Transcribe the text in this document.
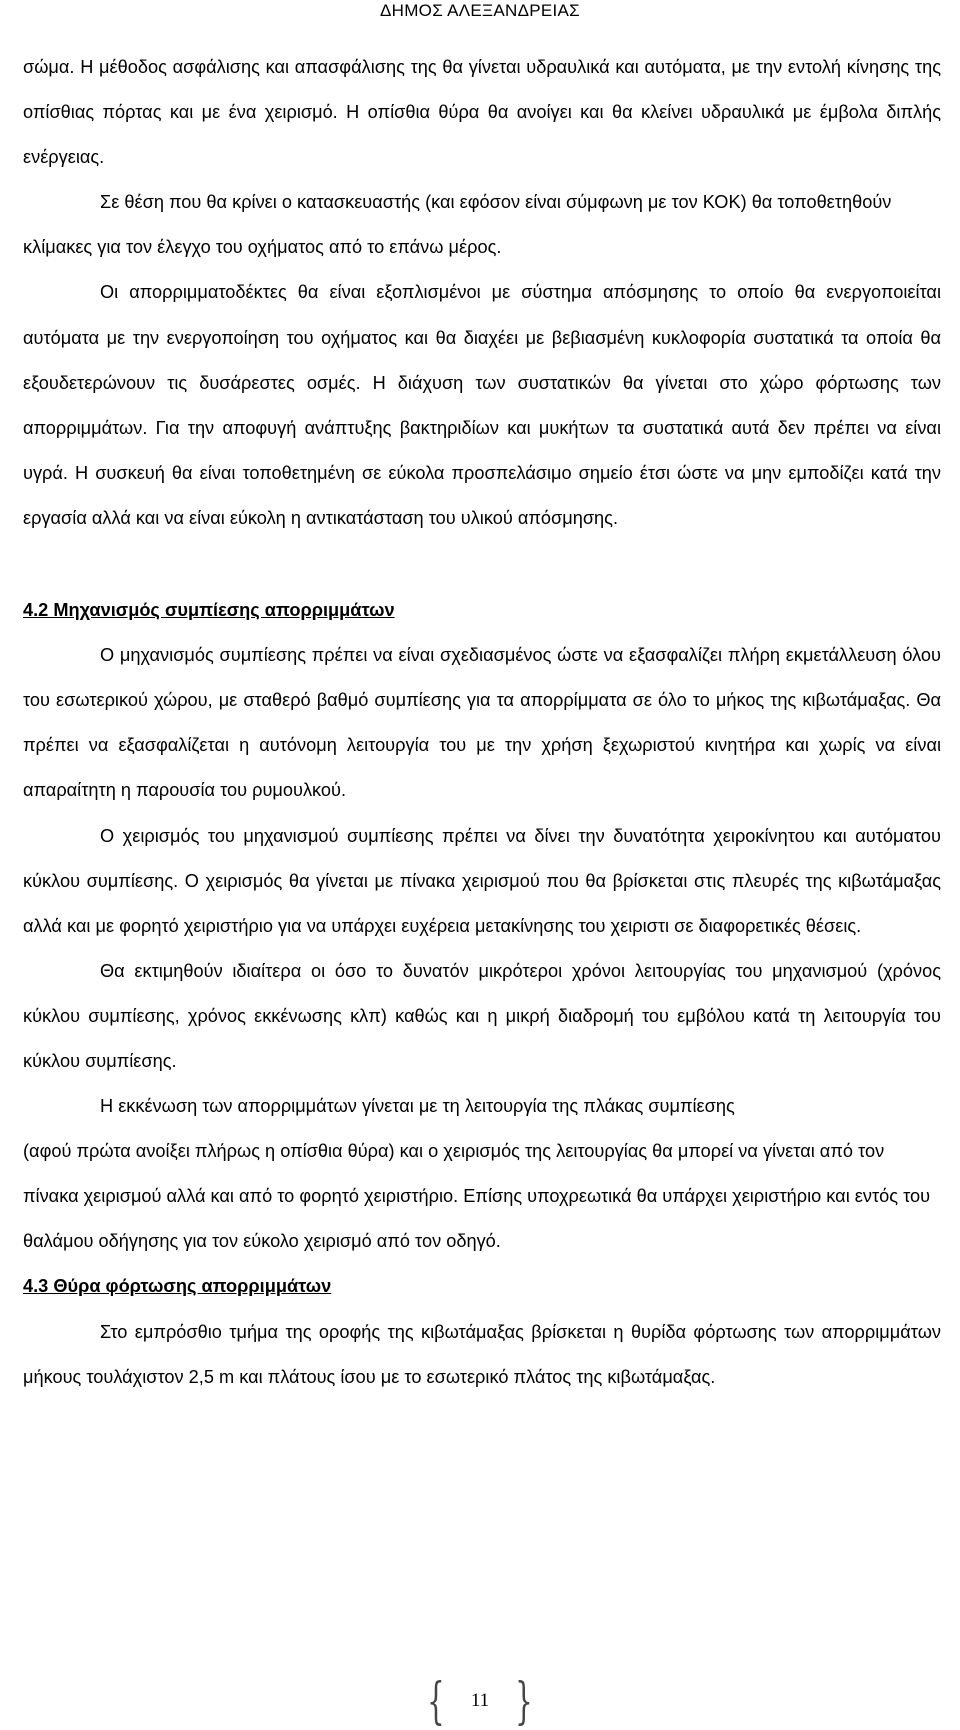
ΔΗΜΟΣ ΑΛΕΞΑΝΔΡΕΙΑΣ

σώμα. Η μέθοδος ασφάλισης και απασφάλισης της θα γίνεται υδραυλικά και αυτόματα, με την εντολή κίνησης της οπίσθιας πόρτας και με ένα χειρισμό. Η οπίσθια θύρα θα ανοίγει και θα κλείνει υδραυλικά με έμβολα διπλής ενέργειας.

Σε θέση που θα κρίνει ο κατασκευαστής (και εφόσον είναι σύμφωνη με τον ΚΟΚ) θα τοποθετηθούν κλίμακες για τον έλεγχο του οχήματος από το επάνω μέρος.

Οι απορριμματοδέκτες θα είναι εξοπλισμένοι με σύστημα απόσμησης το οποίο θα ενεργοποιείται αυτόματα με την ενεργοποίηση του οχήματος και θα διαχέει με βεβιασμένη κυκλοφορία συστατικά τα οποία θα εξουδετερώνουν τις δυσάρεστες οσμές. Η διάχυση των συστατικών θα γίνεται στο χώρο φόρτωσης των απορριμμάτων. Για την αποφυγή ανάπτυξης βακτηριδίων και μυκήτων τα συστατικά αυτά δεν πρέπει να είναι υγρά. Η συσκευή θα είναι τοποθετημένη σε εύκολα προσπελάσιμο σημείο έτσι ώστε να μην εμποδίζει κατά την εργασία αλλά και να είναι εύκολη η αντικατάσταση του υλικού απόσμησης.

4.2 Μηχανισμός συμπίεσης απορριμμάτων

Ο μηχανισμός συμπίεσης πρέπει να είναι σχεδιασμένος ώστε να εξασφαλίζει πλήρη εκμετάλλευση όλου του εσωτερικού χώρου, με σταθερό βαθμό συμπίεσης για τα απορρίμματα σε όλο το μήκος της κιβωτάμαξας. Θα πρέπει να εξασφαλίζεται η αυτόνομη λειτουργία του με την χρήση ξεχωριστού κινητήρα και χωρίς να είναι απαραίτητη η παρουσία του ρυμουλκού.

Ο χειρισμός του μηχανισμού συμπίεσης πρέπει να δίνει την δυνατότητα χειροκίνητου και αυτόματου κύκλου συμπίεσης. Ο χειρισμός θα γίνεται με πίνακα χειρισμού που θα βρίσκεται στις πλευρές της κιβωτάμαξας αλλά και με φορητό χειριστήριο για να υπάρχει ευχέρεια μετακίνησης του χειριστι σε διαφορετικές θέσεις.

Θα εκτιμηθούν ιδιαίτερα οι όσο το δυνατόν μικρότεροι χρόνοι λειτουργίας του μηχανισμού (χρόνος κύκλου συμπίεσης, χρόνος εκκένωσης κλπ) καθώς και η μικρή διαδρομή του εμβόλου κατά τη λειτουργία του κύκλου συμπίεσης.

Η εκκένωση των απορριμμάτων γίνεται με τη λειτουργία της πλάκας συμπίεσης

(αφού πρώτα ανοίξει πλήρως η οπίσθια θύρα) και ο χειρισμός της λειτουργίας θα μπορεί να γίνεται από τον πίνακα χειρισμού αλλά και από το φορητό χειριστήριο. Επίσης υποχρεωτικά θα υπάρχει χειριστήριο και εντός του θαλάμου οδήγησης για τον εύκολο χειρισμό από τον οδηγό.

4.3 Θύρα φόρτωσης απορριμμάτων

Στο εμπρόσθιο τμήμα της οροφής της κιβωτάμαξας βρίσκεται η θυρίδα φόρτωσης των απορριμμάτων μήκους τουλάχιστον 2,5 m και πλάτους ίσου με το εσωτερικό πλάτος της κιβωτάμαξας.

{	11 }
